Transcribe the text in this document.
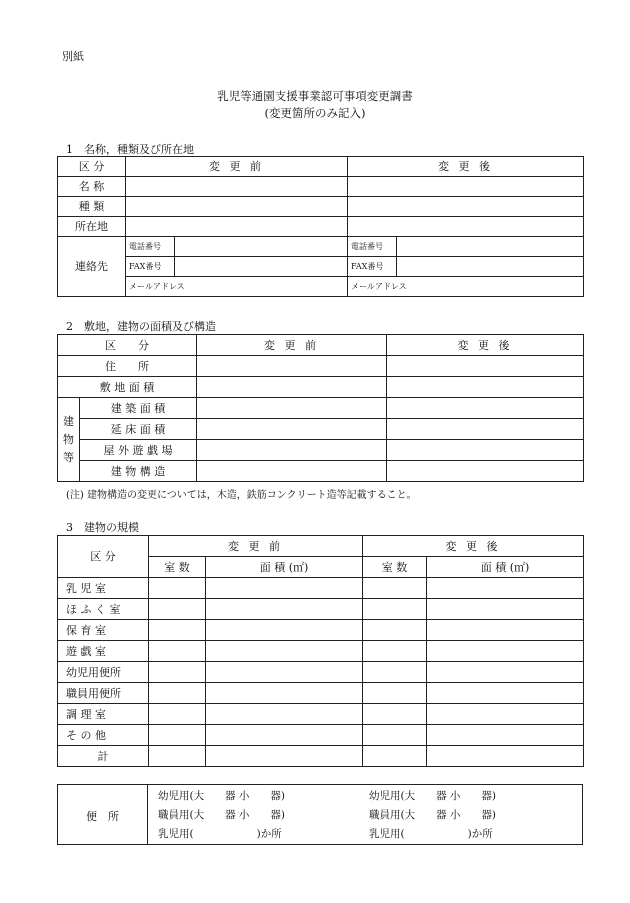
別紙
乳児等通園支援事業認可事項変更調書
(変更箇所のみ記入)
1　名称，種類及び所在地
区 分	変 更 前		変 更 後	
名 称				
種 類				
所在地				
連絡先	電話番号		電話番号	
	FAX番号		FAX番号	
	メールアドレス		メールアドレス	
2　敷地，建物の面積及び構造
区　　分		変 更 前	変 更 後
住　　所			
敷 地 面 積			
建物等	建 築 面 積		
	延 床 面 積		
	屋 外 遊 戯 場		
	建 物 構 造		
(注) 建物構造の変更については，木造，鉄筋コンクリート造等記載すること。
3　建物の規模
区 分	変 更 前		変 更 後	
	室 数	面 積 (㎡)	室 数	面 積 (㎡)
乳 児 室				
ほ ふ く 室				
保 育 室				
遊 戯 室				
幼児用便所				
職員用便所				
調 理 室				
そ の 他				
計				
便　所
幼児用(大　　器 小　　器)
職員用(大　　器 小　　器)
乳児用(　　　　　　)か所
幼児用(大　　器 小　　器)
職員用(大　　器 小　　器)
乳児用(　　　　　　)か所
